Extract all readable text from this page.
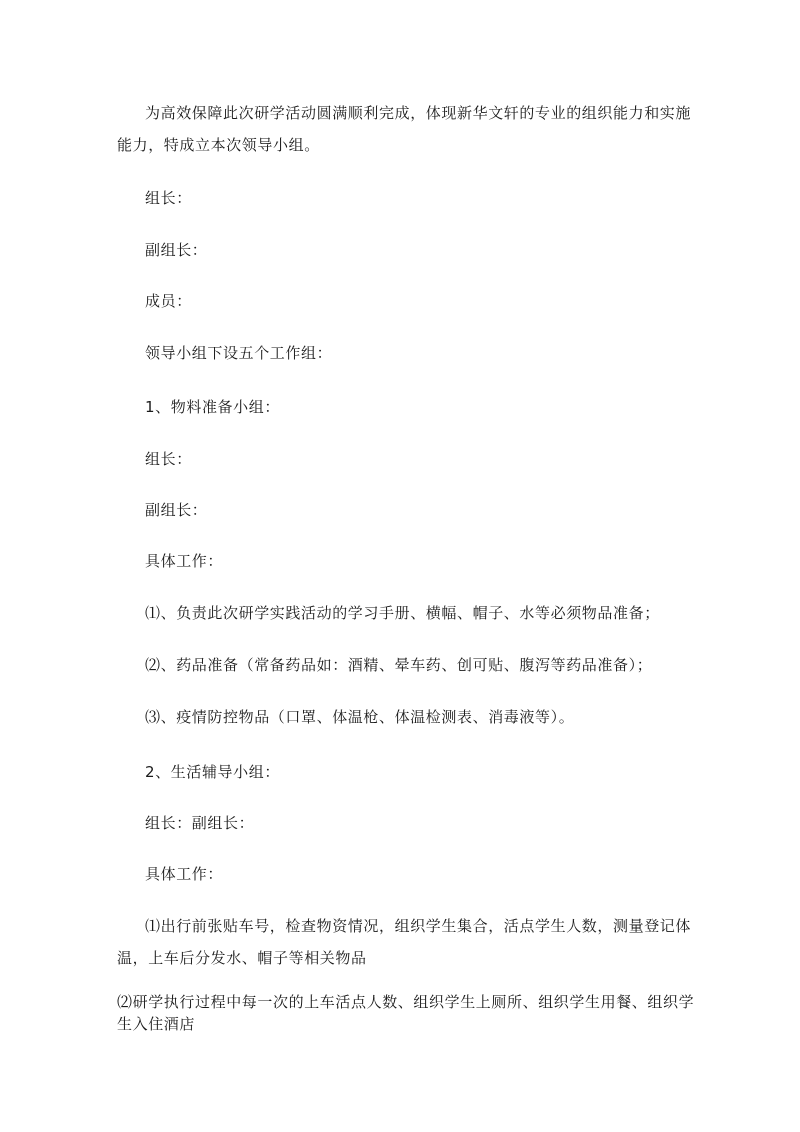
为高效保障此次研学活动圆满顺利完成，体现新华文轩的专业的组织能力和实施
能力，特成立本次领导小组。
组长：
副组长：
成员：
领导小组下设五个工作组：
1、物料准备小组：
组长：
副组长：
具体工作：
⑴、负责此次研学实践活动的学习手册、横幅、帽子、水等必须物品准备；
⑵、药品准备（常备药品如：酒精、晕车药、创可贴、腹泻等药品准备）；
⑶、疫情防控物品（口罩、体温枪、体温检测表、消毒液等）。
2、生活辅导小组：
组长：副组长：
具体工作：
⑴出行前张贴车号，检查物资情况，组织学生集合，活点学生人数，测量登记体
温，上车后分发水、帽子等相关物品
⑵研学执行过程中每一次的上车活点人数、组织学生上厕所、组织学生用餐、组织学
生入住酒店
